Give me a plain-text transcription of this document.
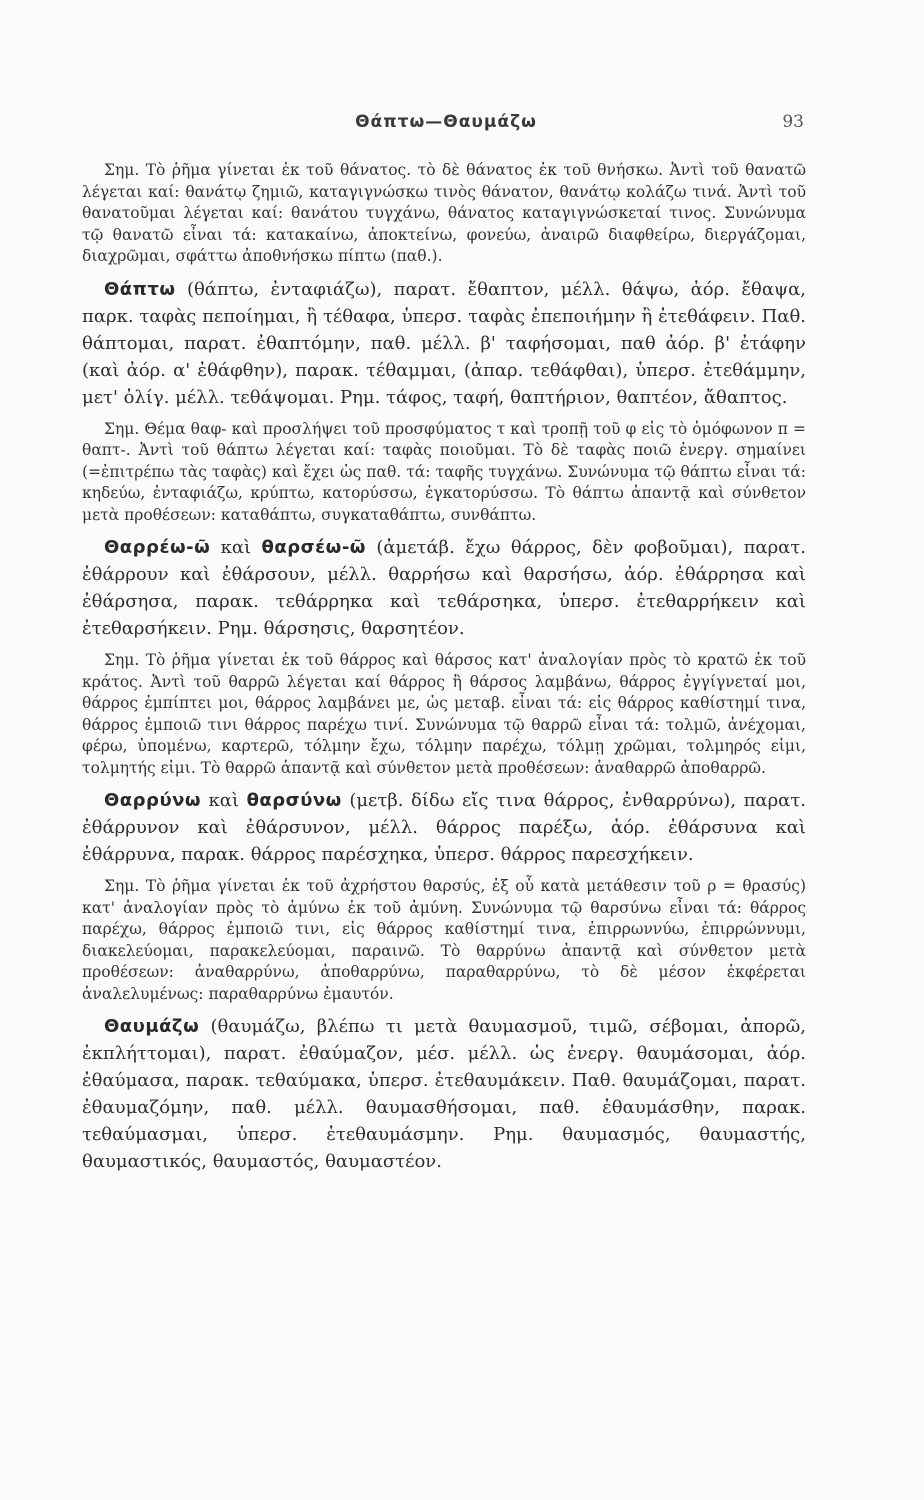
Θάπτω—Θαυμάζω	93

Σημ. Τὸ ῥῆμα γίνεται ἐκ τοῦ θάνατος. τὸ δὲ θάνατος ἐκ τοῦ θνήσκω. Ἀντὶ τοῦ θανατῶ λέγεται καί: θανάτῳ ζημιῶ, καταγιγνώσκω τινὸς θάνατον, θανάτῳ κολάζω τινά. Ἀντὶ τοῦ θανατοῦμαι λέγεται καί: θανάτου τυγχάνω, θάνατος καταγιγνώσκεταί τινος. Συνώνυμα τῷ θανατῶ εἶναι τά: κατακαίνω, ἀποκτείνω, φονεύω, ἀναιρῶ διαφθείρω, διεργάζομαι, διαχρῶμαι, σφάττω ἀποθνήσκω πίπτω (παθ.).

Θάπτω (θάπτω, ἐνταφιάζω), παρατ. ἔθαπτον, μέλλ. θάψω, ἀόρ. ἔθαψα, παρκ. ταφὰς πεποίημαι, ἢ τέθαφα, ὑπερσ. ταφὰς ἐπεποιήμην ἢ ἐτεθάφειν. Παθ. θάπτομαι, παρατ. ἐθαπτόμην, παθ. μέλλ. β' ταφήσομαι, παθ ἀόρ. β' ἐτάφην (καὶ ἀόρ. α' ἐθάφθην), παρακ. τέθαμμαι, (ἀπαρ. τεθάφθαι), ὑπερσ. ἐτεθάμμην, μετ' ὀλίγ. μέλλ. τεθάψομαι. Ρημ. τάφος, ταφή, θαπτήριον, θαπτέον, ἄθαπτος.

Σημ. Θέμα θαφ- καὶ προσλήψει τοῦ προσφύματος τ καὶ τροπῇ τοῦ φ εἰς τὸ ὁμόφωνον π = θαπτ-. Ἀντὶ τοῦ θάπτω λέγεται καί: ταφὰς ποιοῦμαι. Τὸ δὲ ταφὰς ποιῶ ἐνεργ. σημαίνει (=ἐπιτρέπω τὰς ταφὰς) καὶ ἔχει ὡς παθ. τά: ταφῆς τυγχάνω. Συνώνυμα τῷ θάπτω εἶναι τά: κηδεύω, ἐνταφιάζω, κρύπτω, κατορύσσω, ἐγκατορύσσω. Τὸ θάπτω ἀπαντᾷ καὶ σύνθετον μετὰ προθέσεων: καταθάπτω, συγκαταθάπτω, συνθάπτω.

Θαρρέω-ῶ καὶ θαρσέω-ῶ (ἀμετάβ. ἔχω θάρρος, δὲν φοβοῦμαι), παρατ. ἐθάρρουν καὶ ἐθάρσουν, μέλλ. θαρρήσω καὶ θαρσήσω, ἀόρ. ἐθάρρησα καὶ ἐθάρσησα, παρακ. τεθάρρηκα καὶ τεθάρσηκα, ὑπερσ. ἐτεθαρρήκειν καὶ ἐτεθαρσήκειν. Ρημ. θάρσησις, θαρσητέον.

Σημ. Τὸ ῥῆμα γίνεται ἐκ τοῦ θάρρος καὶ θάρσος κατ' ἀναλογίαν πρὸς τὸ κρατῶ ἐκ τοῦ κράτος. Ἀντὶ τοῦ θαρρῶ λέγεται καί θάρρος ἢ θάρσος λαμβάνω, θάρρος ἐγγίγνεταί μοι, θάρρος ἐμπίπτει μοι, θάρρος λαμβάνει με, ὡς μεταβ. εἶναι τά: εἰς θάρρος καθίστημί τινα, θάρρος ἐμποιῶ τινι θάρρος παρέχω τινί. Συνώνυμα τῷ θαρρῶ εἶναι τά: τολμῶ, ἀνέχομαι, φέρω, ὑπομένω, καρτερῶ, τόλμην ἔχω, τόλμην παρέχω, τόλμῃ χρῶμαι, τολμηρός εἰμι, τολμητής εἰμι. Τὸ θαρρῶ ἀπαντᾷ καὶ σύνθετον μετὰ προθέσεων: ἀναθαρρῶ ἀποθαρρῶ.

Θαρρύνω καὶ θαρσύνω (μετβ. δίδω εἴς τινα θάρρος, ἐνθαρρύνω), παρατ. ἐθάρρυνον καὶ ἐθάρσυνον, μέλλ. θάρρος παρέξω, ἀόρ. ἐθάρσυνα καὶ ἐθάρρυνα, παρακ. θάρρος παρέσχηκα, ὑπερσ. θάρρος παρεσχήκειν.

Σημ. Τὸ ῥῆμα γίνεται ἐκ τοῦ ἀχρήστου θαρσύς, ἐξ οὗ κατὰ μετάθεσιν τοῦ ρ = θρασύς) κατ' ἀναλογίαν πρὸς τὸ ἀμύνω ἐκ τοῦ ἀμύνη. Συνώνυμα τῷ θαρσύνω εἶναι τά: θάρρος παρέχω, θάρρος ἐμποιῶ τινι, εἰς θάρρος καθίστημί τινα, ἐπιρρωννύω, ἐπιρρώννυμι, διακελεύομαι, παρακελεύομαι, παραινῶ. Τὸ θαρρύνω ἀπαντᾷ καὶ σύνθετον μετὰ προθέσεων: ἀναθαρρύνω, ἀποθαρρύνω, παραθαρρύνω, τὸ δὲ μέσον ἐκφέρεται ἀναλελυμένως: παραθαρρύνω ἐμαυτόν.

Θαυμάζω (θαυμάζω, βλέπω τι μετὰ θαυμασμοῦ, τιμῶ, σέβομαι, ἀπορῶ, ἐκπλήττομαι), παρατ. ἐθαύμαζον, μέσ. μέλλ. ὡς ἐνεργ. θαυμάσομαι, ἀόρ. ἐθαύμασα, παρακ. τεθαύμακα, ὑπερσ. ἐτεθαυμάκειν. Παθ. θαυμάζομαι, παρατ. ἐθαυμαζόμην, παθ. μέλλ. θαυμασθήσομαι, παθ. ἐθαυμάσθην, παρακ. τεθαύμασμαι, ὑπερσ. ἐτεθαυμάσμην. Ρημ. θαυμασμός, θαυμαστής, θαυμαστικός, θαυμαστός, θαυμαστέον.
